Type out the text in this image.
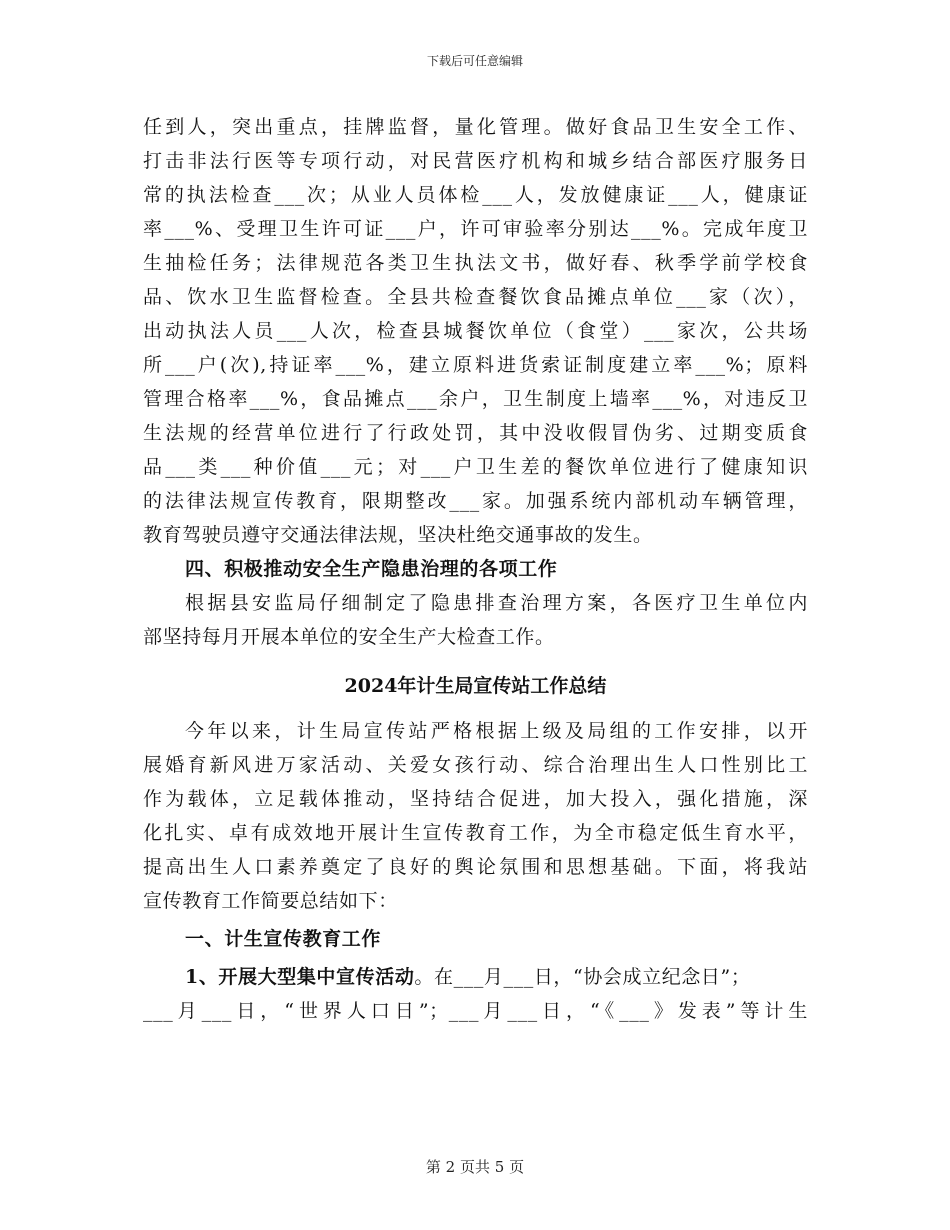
下载后可任意编辑
任到人，突出重点，挂牌监督，量化管理。做好食品卫生安全工作、
打击非法行医等专项行动，对民营医疗机构和城乡结合部医疗服务日
常的执法检查___次；从业人员体检___人，发放健康证___人，健康证
率___%、受理卫生许可证___户，许可审验率分别达___%。完成年度卫
生抽检任务；法律规范各类卫生执法文书，做好春、秋季学前学校食
品、饮水卫生监督检查。全县共检查餐饮食品摊点单位___家（次），
出动执法人员___人次，检查县城餐饮单位（食堂）___家次，公共场
所___户(次),持证率___%，建立原料进货索证制度建立率___%；原料
管理合格率___%，食品摊点___余户，卫生制度上墙率___%，对违反卫
生法规的经营单位进行了行政处罚，其中没收假冒伪劣、过期变质食
品___类___种价值___元；对___户卫生差的餐饮单位进行了健康知识
的法律法规宣传教育，限期整改___家。加强系统内部机动车辆管理，
教育驾驶员遵守交通法律法规，坚决杜绝交通事故的发生。
四、积极推动安全生产隐患治理的各项工作
根据县安监局仔细制定了隐患排查治理方案，各医疗卫生单位内
部坚持每月开展本单位的安全生产大检查工作。
2024年计生局宣传站工作总结
今年以来，计生局宣传站严格根据上级及局组的工作安排，以开
展婚育新风进万家活动、关爱女孩行动、综合治理出生人口性别比工
作为载体，立足载体推动，坚持结合促进，加大投入，强化措施，深
化扎实、卓有成效地开展计生宣传教育工作，为全市稳定低生育水平，
提高出生人口素养奠定了良好的舆论氛围和思想基础。下面，将我站
宣传教育工作简要总结如下：
一、计生宣传教育工作
1、开展大型集中宣传活动。在___月___日，“协会成立纪念日”；
___月___日，“世界人口日”；___月___日，“《___》发表”等计生
第 2 页共 5 页
